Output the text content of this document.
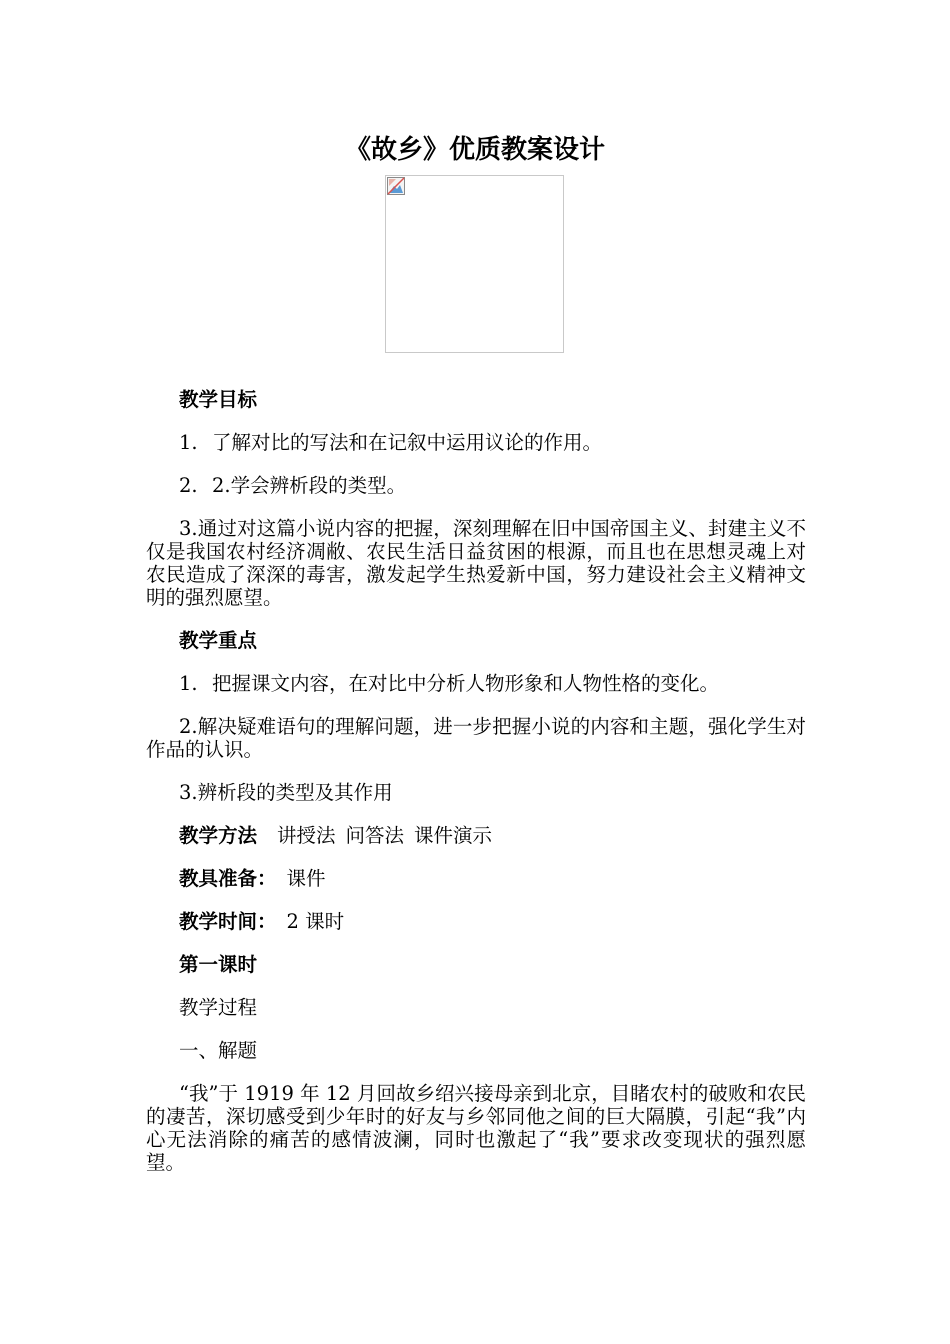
《故乡》优质教案设计

教学目标

1. 了解对比的写法和在记叙中运用议论的作用。

2. 2.学会辨析段的类型。

3.通过对这篇小说内容的把握，深刻理解在旧中国帝国主义、封建主义不仅是我国农村经济凋敝、农民生活日益贫困的根源，而且也在思想灵魂上对农民造成了深深的毒害，激发起学生热爱新中国，努力建设社会主义精神文明的强烈愿望。

教学重点

1. 把握课文内容，在对比中分析人物形象和人物性格的变化。

2.解决疑难语句的理解问题，进一步把握小说的内容和主题，强化学生对作品的认识。

3.辨析段的类型及其作用

教学方法 讲授法 问答法 课件演示

教具准备： 课件

教学时间： 2 课时

第一课时

教学过程

一、解题

“我”于 1919 年 12 月回故乡绍兴接母亲到北京，目睹农村的破败和农民的凄苦，深切感受到少年时的好友与乡邻同他之间的巨大隔膜，引起“我”内心无法消除的痛苦的感情波澜，同时也激起了“我”要求改变现状的强烈愿望。
